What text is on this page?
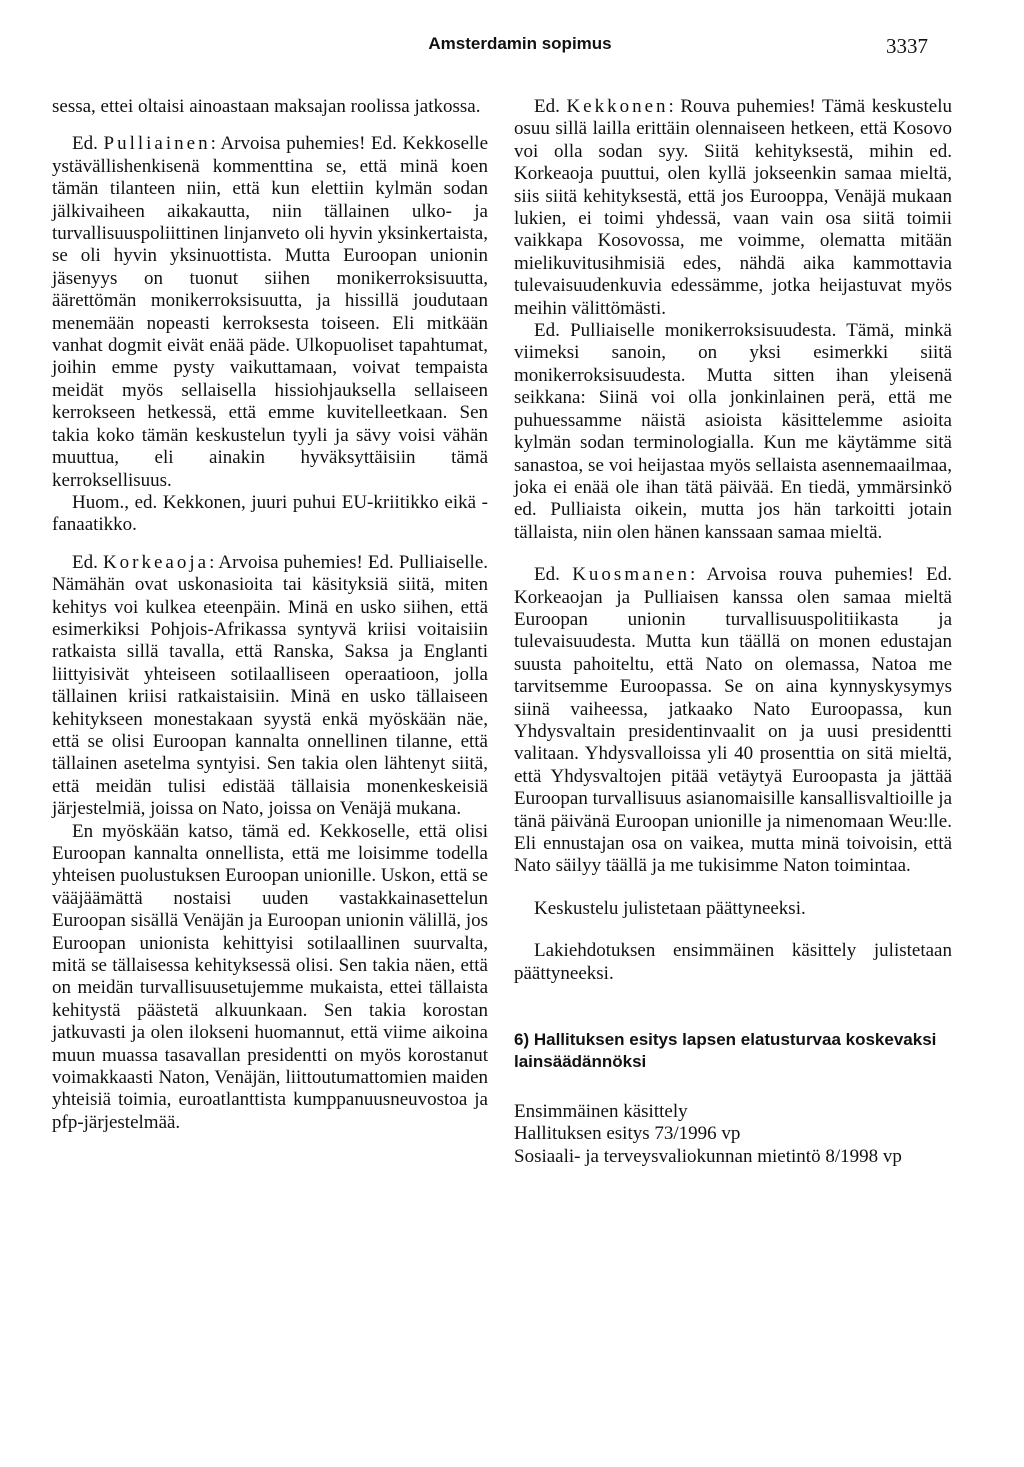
Amsterdamin sopimus	3337

sessa, ettei oltaisi ainoastaan maksajan roolissa jatkossa.

Ed. Pulliainen: Arvoisa puhemies! Ed. Kekkoselle ystävällishenkisenä kommenttina se, että minä koen tämän tilanteen niin, että kun elettiin kylmän sodan jälkivaiheen aikakautta, niin tällainen ulko- ja turvallisuuspoliittinen linjanveto oli hyvin yksinkertaista, se oli hyvin yksinuottista. Mutta Euroopan unionin jäsenyys on tuonut siihen monikerroksisuutta, äärettömän monikerroksisuutta, ja hissillä joudutaan menemään nopeasti kerroksesta toiseen. Eli mitkään vanhat dogmit eivät enää päde. Ulkopuoliset tapahtumat, joihin emme pysty vaikuttamaan, voivat tempaista meidät myös sellaisella hissiohjauksella sellaiseen kerrokseen hetkessä, että emme kuvitelleetkaan. Sen takia koko tämän keskustelun tyyli ja sävy voisi vähän muuttua, eli ainakin hyväksyttäisiin tämä kerroksellisuus.

Huom., ed. Kekkonen, juuri puhui EU-kriitikko eikä -fanaatikko.

Ed. Korkeaoja: Arvoisa puhemies! Ed. Pulliaiselle. Nämähän ovat uskonasioita tai käsityksiä siitä, miten kehitys voi kulkea eteenpäin. Minä en usko siihen, että esimerkiksi Pohjois-Afrikassa syntyvä kriisi voitaisiin ratkaista sillä tavalla, että Ranska, Saksa ja Englanti liittyisivät yhteiseen sotilaalliseen operaatioon, jolla tällainen kriisi ratkaistaisiin. Minä en usko tällaiseen kehitykseen monestakaan syystä enkä myöskään näe, että se olisi Euroopan kannalta onnellinen tilanne, että tällainen asetelma syntyisi. Sen takia olen lähtenyt siitä, että meidän tulisi edistää tällaisia monenkeskeisiä järjestelmiä, joissa on Nato, joissa on Venäjä mukana.

En myöskään katso, tämä ed. Kekkoselle, että olisi Euroopan kannalta onnellista, että me loisimme todella yhteisen puolustuksen Euroopan unionille. Uskon, että se vääjäämättä nostaisi uuden vastakkainasettelun Euroopan sisällä Venäjän ja Euroopan unionin välillä, jos Euroopan unionista kehittyisi sotilaallinen suurvalta, mitä se tällaisessa kehityksessä olisi. Sen takia näen, että on meidän turvallisuusetujemme mukaista, ettei tällaista kehitystä päästetä alkuunkaan. Sen takia korostan jatkuvasti ja olen ilokseni huomannut, että viime aikoina muun muassa tasavallan presidentti on myös korostanut voimakkaasti Naton, Venäjän, liittoutumattomien maiden yhteisiä toimia, euroatlanttista kumppanuusneuvostoa ja pfp-järjestelmää.

Ed. Kekkonen: Rouva puhemies! Tämä keskustelu osuu sillä lailla erittäin olennaiseen hetkeen, että Kosovo voi olla sodan syy. Siitä kehityksestä, mihin ed. Korkeaoja puuttui, olen kyllä jokseenkin samaa mieltä, siis siitä kehityksestä, että jos Eurooppa, Venäjä mukaan lukien, ei toimi yhdessä, vaan vain osa siitä toimii vaikkapa Kosovossa, me voimme, olematta mitään mielikuvitusihmisiä edes, nähdä aika kammottavia tulevaisuudenkuvia edessämme, jotka heijastuvat myös meihin välittömästi.

Ed. Pulliaiselle monikerroksisuudesta. Tämä, minkä viimeksi sanoin, on yksi esimerkki siitä monikerroksisuudesta. Mutta sitten ihan yleisenä seikkana: Siinä voi olla jonkinlainen perä, että me puhuessamme näistä asioista käsittelemme asioita kylmän sodan terminologialla. Kun me käytämme sitä sanastoa, se voi heijastaa myös sellaista asennemaailmaa, joka ei enää ole ihan tätä päivää. En tiedä, ymmärsinkö ed. Pulliaista oikein, mutta jos hän tarkoitti jotain tällaista, niin olen hänen kanssaan samaa mieltä.

Ed. Kuosmanen: Arvoisa rouva puhemies! Ed. Korkeaojan ja Pulliaisen kanssa olen samaa mieltä Euroopan unionin turvallisuuspolitiikasta ja tulevaisuudesta. Mutta kun täällä on monen edustajan suusta pahoiteltu, että Nato on olemassa, Natoa me tarvitsemme Euroopassa. Se on aina kynnyskysymys siinä vaiheessa, jatkaako Nato Euroopassa, kun Yhdysvaltain presidentinvaalit on ja uusi presidentti valitaan. Yhdysvalloissa yli 40 prosenttia on sitä mieltä, että Yhdysvaltojen pitää vetäytyä Euroopasta ja jättää Euroopan turvallisuus asianomaisille kansallisvaltioille ja tänä päivänä Euroopan unionille ja nimenomaan Weu:lle. Eli ennustajan osa on vaikea, mutta minä toivoisin, että Nato säilyy täällä ja me tukisimme Naton toimintaa.

Keskustelu julistetaan päättyneeksi.

Lakiehdotuksen ensimmäinen käsittely julistetaan päättyneeksi.

6) Hallituksen esitys lapsen elatusturvaa koskevaksi lainsäädännöksi

Ensimmäinen käsittely

Hallituksen esitys 73/1996 vp

Sosiaali- ja terveysvaliokunnan mietintö 8/1998 vp
